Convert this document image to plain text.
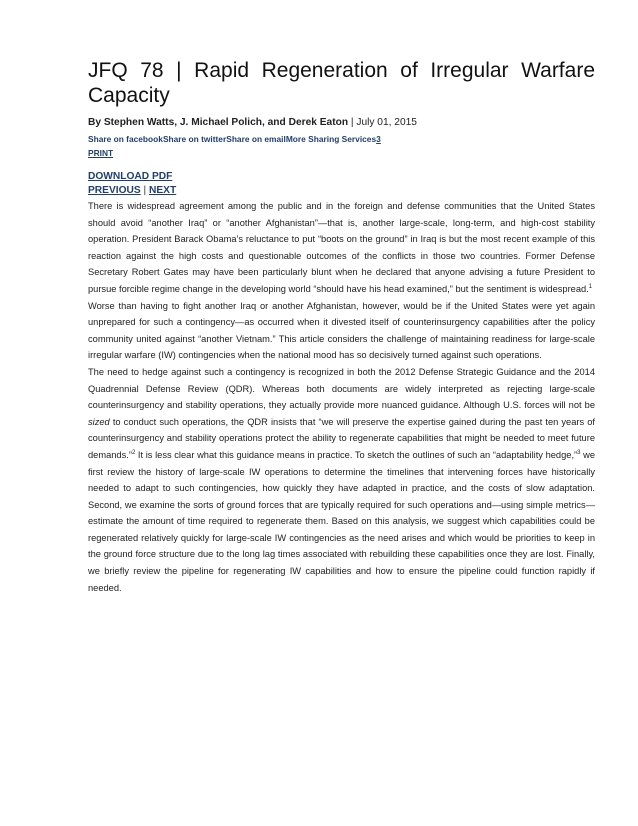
JFQ 78 | Rapid Regeneration of Irregular Warfare Capacity
By Stephen Watts, J. Michael Polich, and Derek Eaton | July 01, 2015
Share on facebookShare on twitterShare on emailMore Sharing Services3
PRINT
DOWNLOAD PDF
PREVIOUS | NEXT

There is widespread agreement among the public and in the foreign and defense communities that the United States should avoid “another Iraq” or “another Afghanistan”—that is, another large-scale, long-term, and high-cost stability operation. President Barack Obama’s reluctance to put “boots on the ground” in Iraq is but the most recent example of this reaction against the high costs and questionable outcomes of the conflicts in those two countries. Former Defense Secretary Robert Gates may have been particularly blunt when he declared that anyone advising a future President to pursue forcible regime change in the developing world “should have his head examined,” but the sentiment is widespread.$^1$

Worse than having to fight another Iraq or another Afghanistan, however, would be if the United States were yet again unprepared for such a contingency—as occurred when it divested itself of counterinsurgency capabilities after the policy community united against “another Vietnam.” This article considers the challenge of maintaining readiness for large-scale irregular warfare (IW) contingencies when the national mood has so decisively turned against such operations.

The need to hedge against such a contingency is recognized in both the 2012 Defense Strategic Guidance and the 2014 Quadrennial Defense Review (QDR). Whereas both documents are widely interpreted as rejecting large-scale counterinsurgency and stability operations, they actually provide more nuanced guidance. Although U.S. forces will not be sized to conduct such operations, the QDR insists that “we will preserve the expertise gained during the past ten years of counterinsurgency and stability operations protect the ability to regenerate capabilities that might be needed to meet future demands.”$^2$ It is less clear what this guidance means in practice. To sketch the outlines of such an “adaptability hedge,”$^3$ we first review the history of large-scale IW operations to determine the timelines that intervening forces have historically needed to adapt to such contingencies, how quickly they have adapted in practice, and the costs of slow adaptation. Second, we examine the sorts of ground forces that are typically required for such operations and—using simple metrics—estimate the amount of time required to regenerate them. Based on this analysis, we suggest which capabilities could be regenerated relatively quickly for large-scale IW contingencies as the need arises and which would be priorities to keep in the ground force structure due to the long lag times associated with rebuilding these capabilities once they are lost. Finally, we briefly review the pipeline for regenerating IW capabilities and how to ensure the pipeline could function rapidly if needed.
